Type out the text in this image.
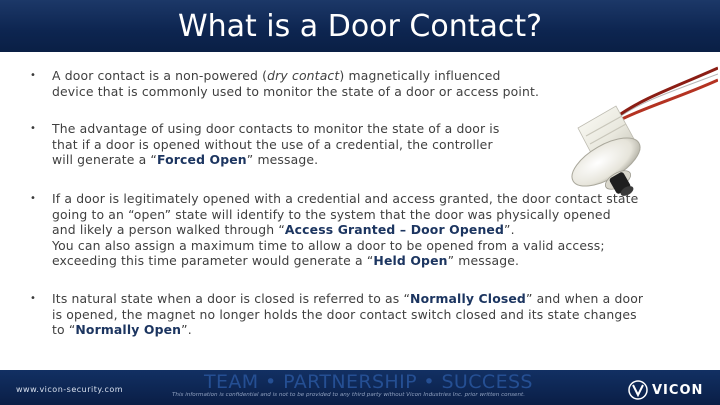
What is a Door Contact?
• A door contact is a non-powered (dry contact) magnetically influenced
device that is commonly used to monitor the state of a door or access point.
• The advantage of using door contacts to monitor the state of a door is
that if a door is opened without the use of a credential, the controller
will generate a “Forced Open” message.
• If a door is legitimately opened with a credential and access granted, the door contact state
going to an “open” state will identify to the system that the door was physically opened
and likely a person walked through “Access Granted – Door Opened”.
You can also assign a maximum time to allow a door to be opened from a valid access;
exceeding this time parameter would generate a “Held Open” message.
• Its natural state when a door is closed is referred to as “Normally Closed” and when a door
is opened, the magnet no longer holds the door contact switch closed and its state changes
to “Normally Open”.
www.vicon-security.com	TEAM • PARTNERSHIP • SUCCESS
This information is confidential and is not to be provided to any third party without Vicon Industries Inc. prior written consent.	VICON
